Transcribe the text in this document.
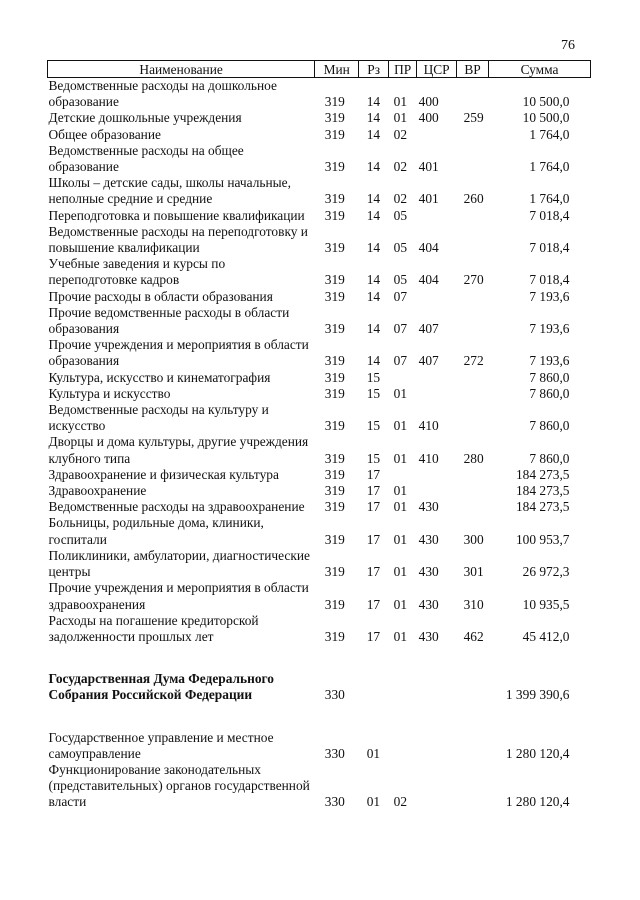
76
Наименование	Мин	Рз	ПР	ЦСР	ВР	Сумма
Ведомственные расходы на дошкольное образование	319	14	01	400		10 500,0
Детские дошкольные учреждения	319	14	01	400	259	10 500,0
Общее образование	319	14	02			1 764,0
Ведомственные расходы на общее образование	319	14	02	401		1 764,0
Школы – детские сады, школы начальные, неполные средние и средние	319	14	02	401	260	1 764,0
Переподготовка и повышение квалификации	319	14	05			7 018,4
Ведомственные расходы на переподготовку и повышение квалификации	319	14	05	404		7 018,4
Учебные заведения и курсы по переподготовке кадров	319	14	05	404	270	7 018,4
Прочие расходы в области образования	319	14	07			7 193,6
Прочие ведомственные расходы в области образования	319	14	07	407		7 193,6
Прочие учреждения и мероприятия в области образования	319	14	07	407	272	7 193,6
Культура, искусство и кинематография	319	15				7 860,0
Культура и искусство	319	15	01			7 860,0
Ведомственные расходы на культуру и искусство	319	15	01	410		7 860,0
Дворцы и дома культуры, другие учреждения клубного типа	319	15	01	410	280	7 860,0
Здравоохранение и физическая культура	319	17				184 273,5
Здравоохранение	319	17	01			184 273,5
Ведомственные расходы на здравоохранение	319	17	01	430		184 273,5
Больницы, родильные дома, клиники, госпитали	319	17	01	430	300	100 953,7
Поликлиники, амбулатории, диагностические центры	319	17	01	430	301	26 972,3
Прочие учреждения и мероприятия в области здравоохранения	319	17	01	430	310	10 935,5
Расходы на погашение кредиторской задолженности прошлых лет	319	17	01	430	462	45 412,0

Государственная Дума Федерального Собрания Российской Федерации	330					1 399 390,6

Государственное управление и местное самоуправление	330	01				1 280 120,4
Функционирование законодательных (представительных) органов государственной власти	330	01	02			1 280 120,4
